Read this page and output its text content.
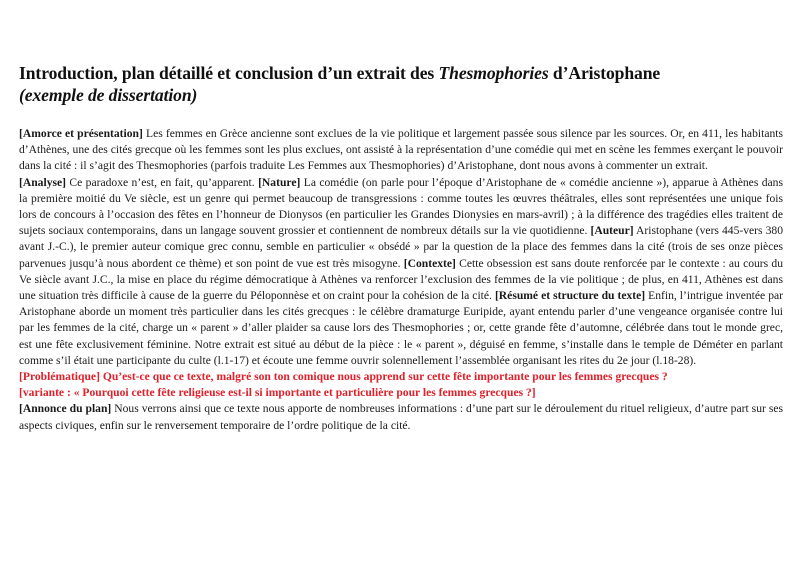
Introduction, plan détaillé et conclusion d’un extrait des Thesmophories d’Aristophane
(exemple de dissertation)

[Amorce et présentation] Les femmes en Grèce ancienne sont exclues de la vie politique et largement passée sous silence par les sources. Or, en 411, les habitants d’Athènes, une des cités grecque où les femmes sont les plus exclues, ont assisté à la représentation d’une comédie qui met en scène les femmes exerçant le pouvoir dans la cité : il s’agit des Thesmophories (parfois traduite Les Femmes aux Thesmophories) d’Aristophane, dont nous avons à commenter un extrait.

[Analyse] Ce paradoxe n’est, en fait, qu’apparent. [Nature] La comédie (on parle pour l’époque d’Aristophane de « comédie ancienne »), apparue à Athènes dans la première moitié du Ve siècle, est un genre qui permet beaucoup de transgressions : comme toutes les œuvres théâtrales, elles sont représentées une unique fois lors de concours à l’occasion des fêtes en l’honneur de Dionysos (en particulier les Grandes Dionysies en mars-avril) ; à la différence des tragédies elles traitent de sujets sociaux contemporains, dans un langage souvent grossier et contiennent de nombreux détails sur la vie quotidienne. [Auteur] Aristophane (vers 445-vers 380 avant J.-C.), le premier auteur comique grec connu, semble en particulier « obsédé » par la question de la place des femmes dans la cité (trois de ses onze pièces parvenues jusqu’à nous abordent ce thème) et son point de vue est très misogyne. [Contexte] Cette obsession est sans doute renforcée par le contexte : au cours du Ve siècle avant J.C., la mise en place du régime démocratique à Athènes va renforcer l’exclusion des femmes de la vie politique ; de plus, en 411, Athènes est dans une situation très difficile à cause de la guerre du Péloponnèse et on craint pour la cohésion de la cité. [Résumé et structure du texte] Enfin, l’intrigue inventée par Aristophane aborde un moment très particulier dans les cités grecques : le célèbre dramaturge Euripide, ayant entendu parler d’une vengeance organisée contre lui par les femmes de la cité, charge un « parent » d’aller plaider sa cause lors des Thesmophories ; or, cette grande fête d’automne, célébrée dans tout le monde grec, est une fête exclusivement féminine. Notre extrait est situé au début de la pièce : le « parent », déguisé en femme, s’installe dans le temple de Déméter en parlant comme s’il était une participante du culte (l.1-17) et écoute une femme ouvrir solennellement l’assemblée organisant les rites du 2e jour (l.18-28).

[Problématique] Qu’est-ce que ce texte, malgré son ton comique nous apprend sur cette fête importante pour les femmes grecques ?

[variante : « Pourquoi cette fête religieuse est-il si importante et particulière pour les femmes grecques ?]

[Annonce du plan] Nous verrons ainsi que ce texte nous apporte de nombreuses informations : d’une part sur le déroulement du rituel religieux, d’autre part sur ses aspects civiques, enfin sur le renversement temporaire de l’ordre politique de la cité.
